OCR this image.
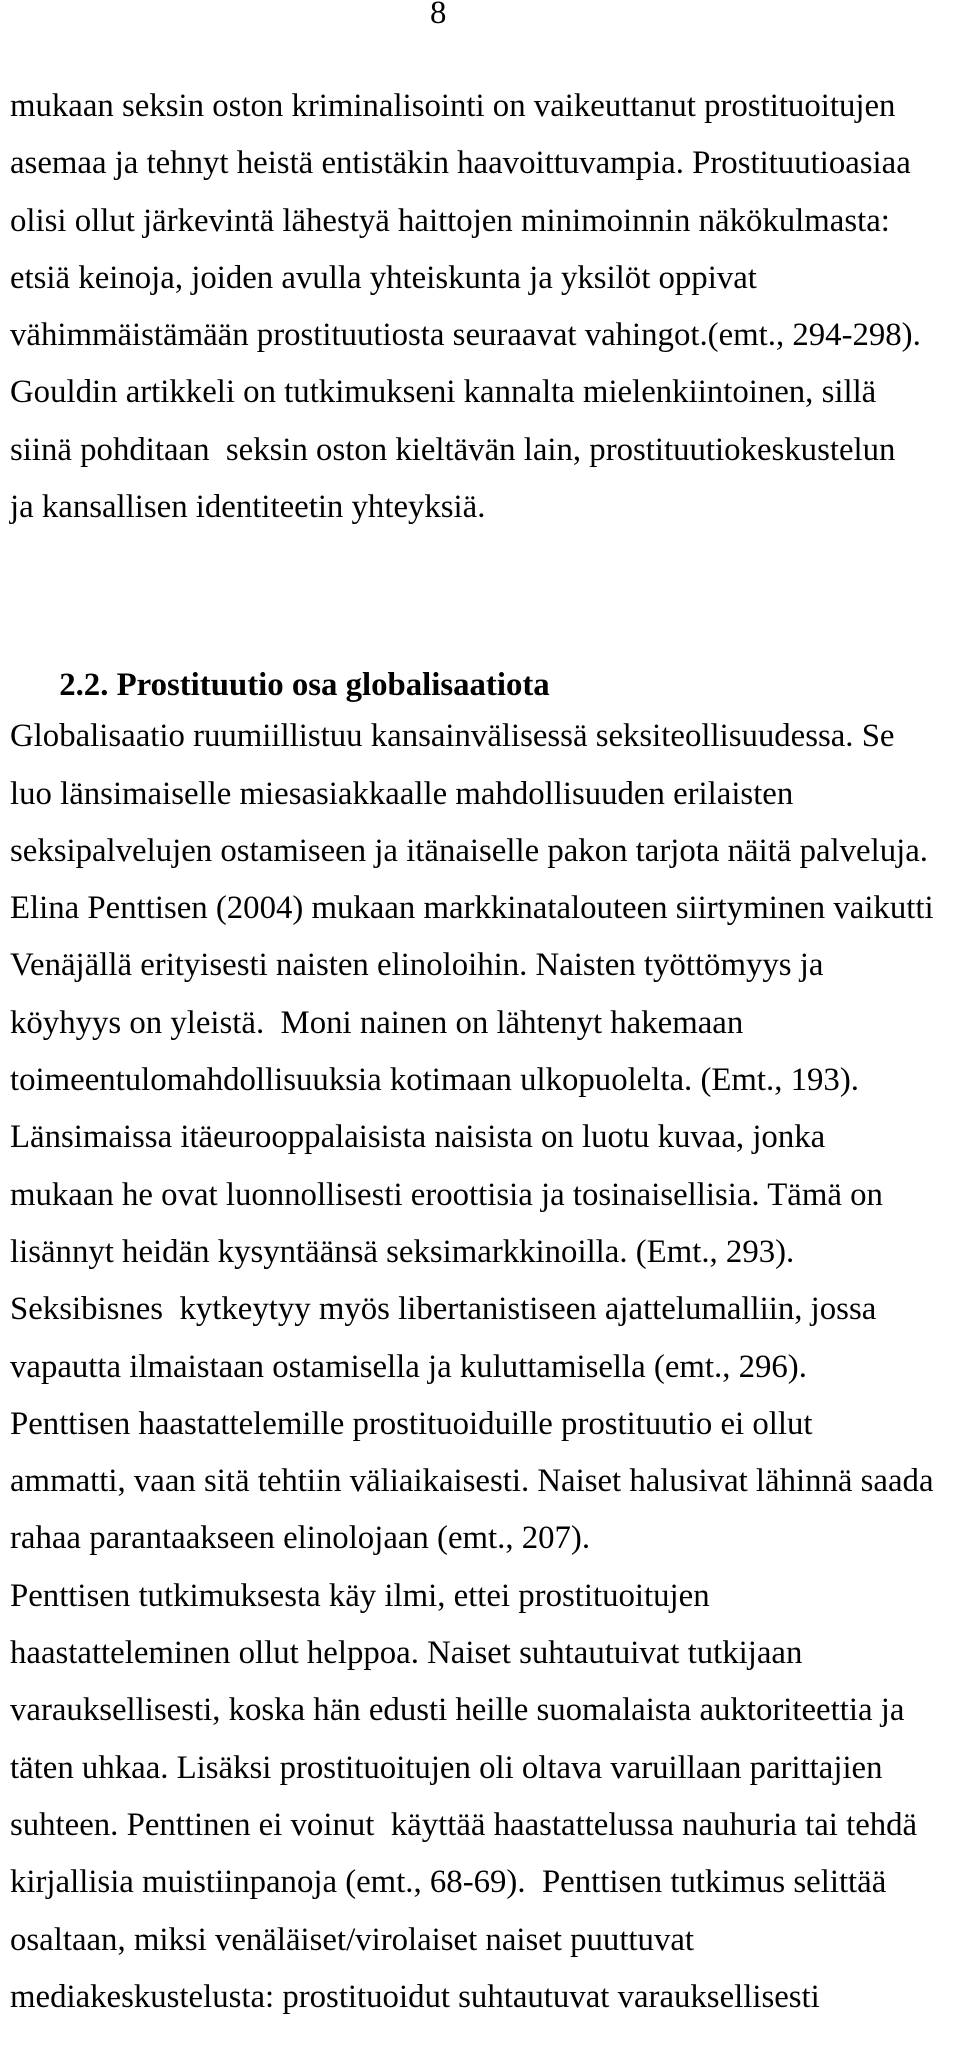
8
mukaan seksin oston kriminalisointi on vaikeuttanut prostituoitujen
asemaa ja tehnyt heistä entistäkin haavoittuvampia. Prostituutioasiaa
olisi ollut järkevintä lähestyä haittojen minimoinnin näkökulmasta:
etsiä keinoja, joiden avulla yhteiskunta ja yksilöt oppivat
vähimmäistämään prostituutiosta seuraavat vahingot.(emt., 294-298).
Gouldin artikkeli on tutkimukseni kannalta mielenkiintoinen, sillä
siinä pohditaan  seksin oston kieltävän lain, prostituutiokeskustelun
ja kansallisen identiteetin yhteyksiä.

2.2. Prostituutio osa globalisaatiota

Globalisaatio ruumiillistuu kansainvälisessä seksiteollisuudessa. Se
luo länsimaiselle miesasiakkaalle mahdollisuuden erilaisten
seksipalvelujen ostamiseen ja itänaiselle pakon tarjota näitä palveluja.
Elina Penttisen (2004) mukaan markkinatalouteen siirtyminen vaikutti
Venäjällä erityisesti naisten elinoloihin. Naisten työttömyys ja
köyhyys on yleistä.  Moni nainen on lähtenyt hakemaan
toimeentulomahdollisuuksia kotimaan ulkopuolelta. (Emt., 193).
Länsimaissa itäeurooppalaisista naisista on luotu kuvaa, jonka
mukaan he ovat luonnollisesti eroottisia ja tosinaisellisia. Tämä on
lisännyt heidän kysyntäänsä seksimarkkinoilla. (Emt., 293).
Seksibisnes  kytkeytyy myös libertanistiseen ajattelumalliin, jossa
vapautta ilmaistaan ostamisella ja kuluttamisella (emt., 296).
Penttisen haastattelemille prostituoiduille prostituutio ei ollut
ammatti, vaan sitä tehtiin väliaikaisesti. Naiset halusivat lähinnä saada
rahaa parantaakseen elinolojaan (emt., 207).
Penttisen tutkimuksesta käy ilmi, ettei prostituoitujen
haastatteleminen ollut helppoa. Naiset suhtautuivat tutkijaan
varauksellisesti, koska hän edusti heille suomalaista auktoriteettia ja
täten uhkaa. Lisäksi prostituoitujen oli oltava varuillaan parittajien
suhteen. Penttinen ei voinut  käyttää haastattelussa nauhuria tai tehdä
kirjallisia muistiinpanoja (emt., 68-69).  Penttisen tutkimus selittää
osaltaan, miksi venäläiset/virolaiset naiset puuttuvat
mediakeskustelusta: prostituoidut suhtautuvat varauksellisesti
